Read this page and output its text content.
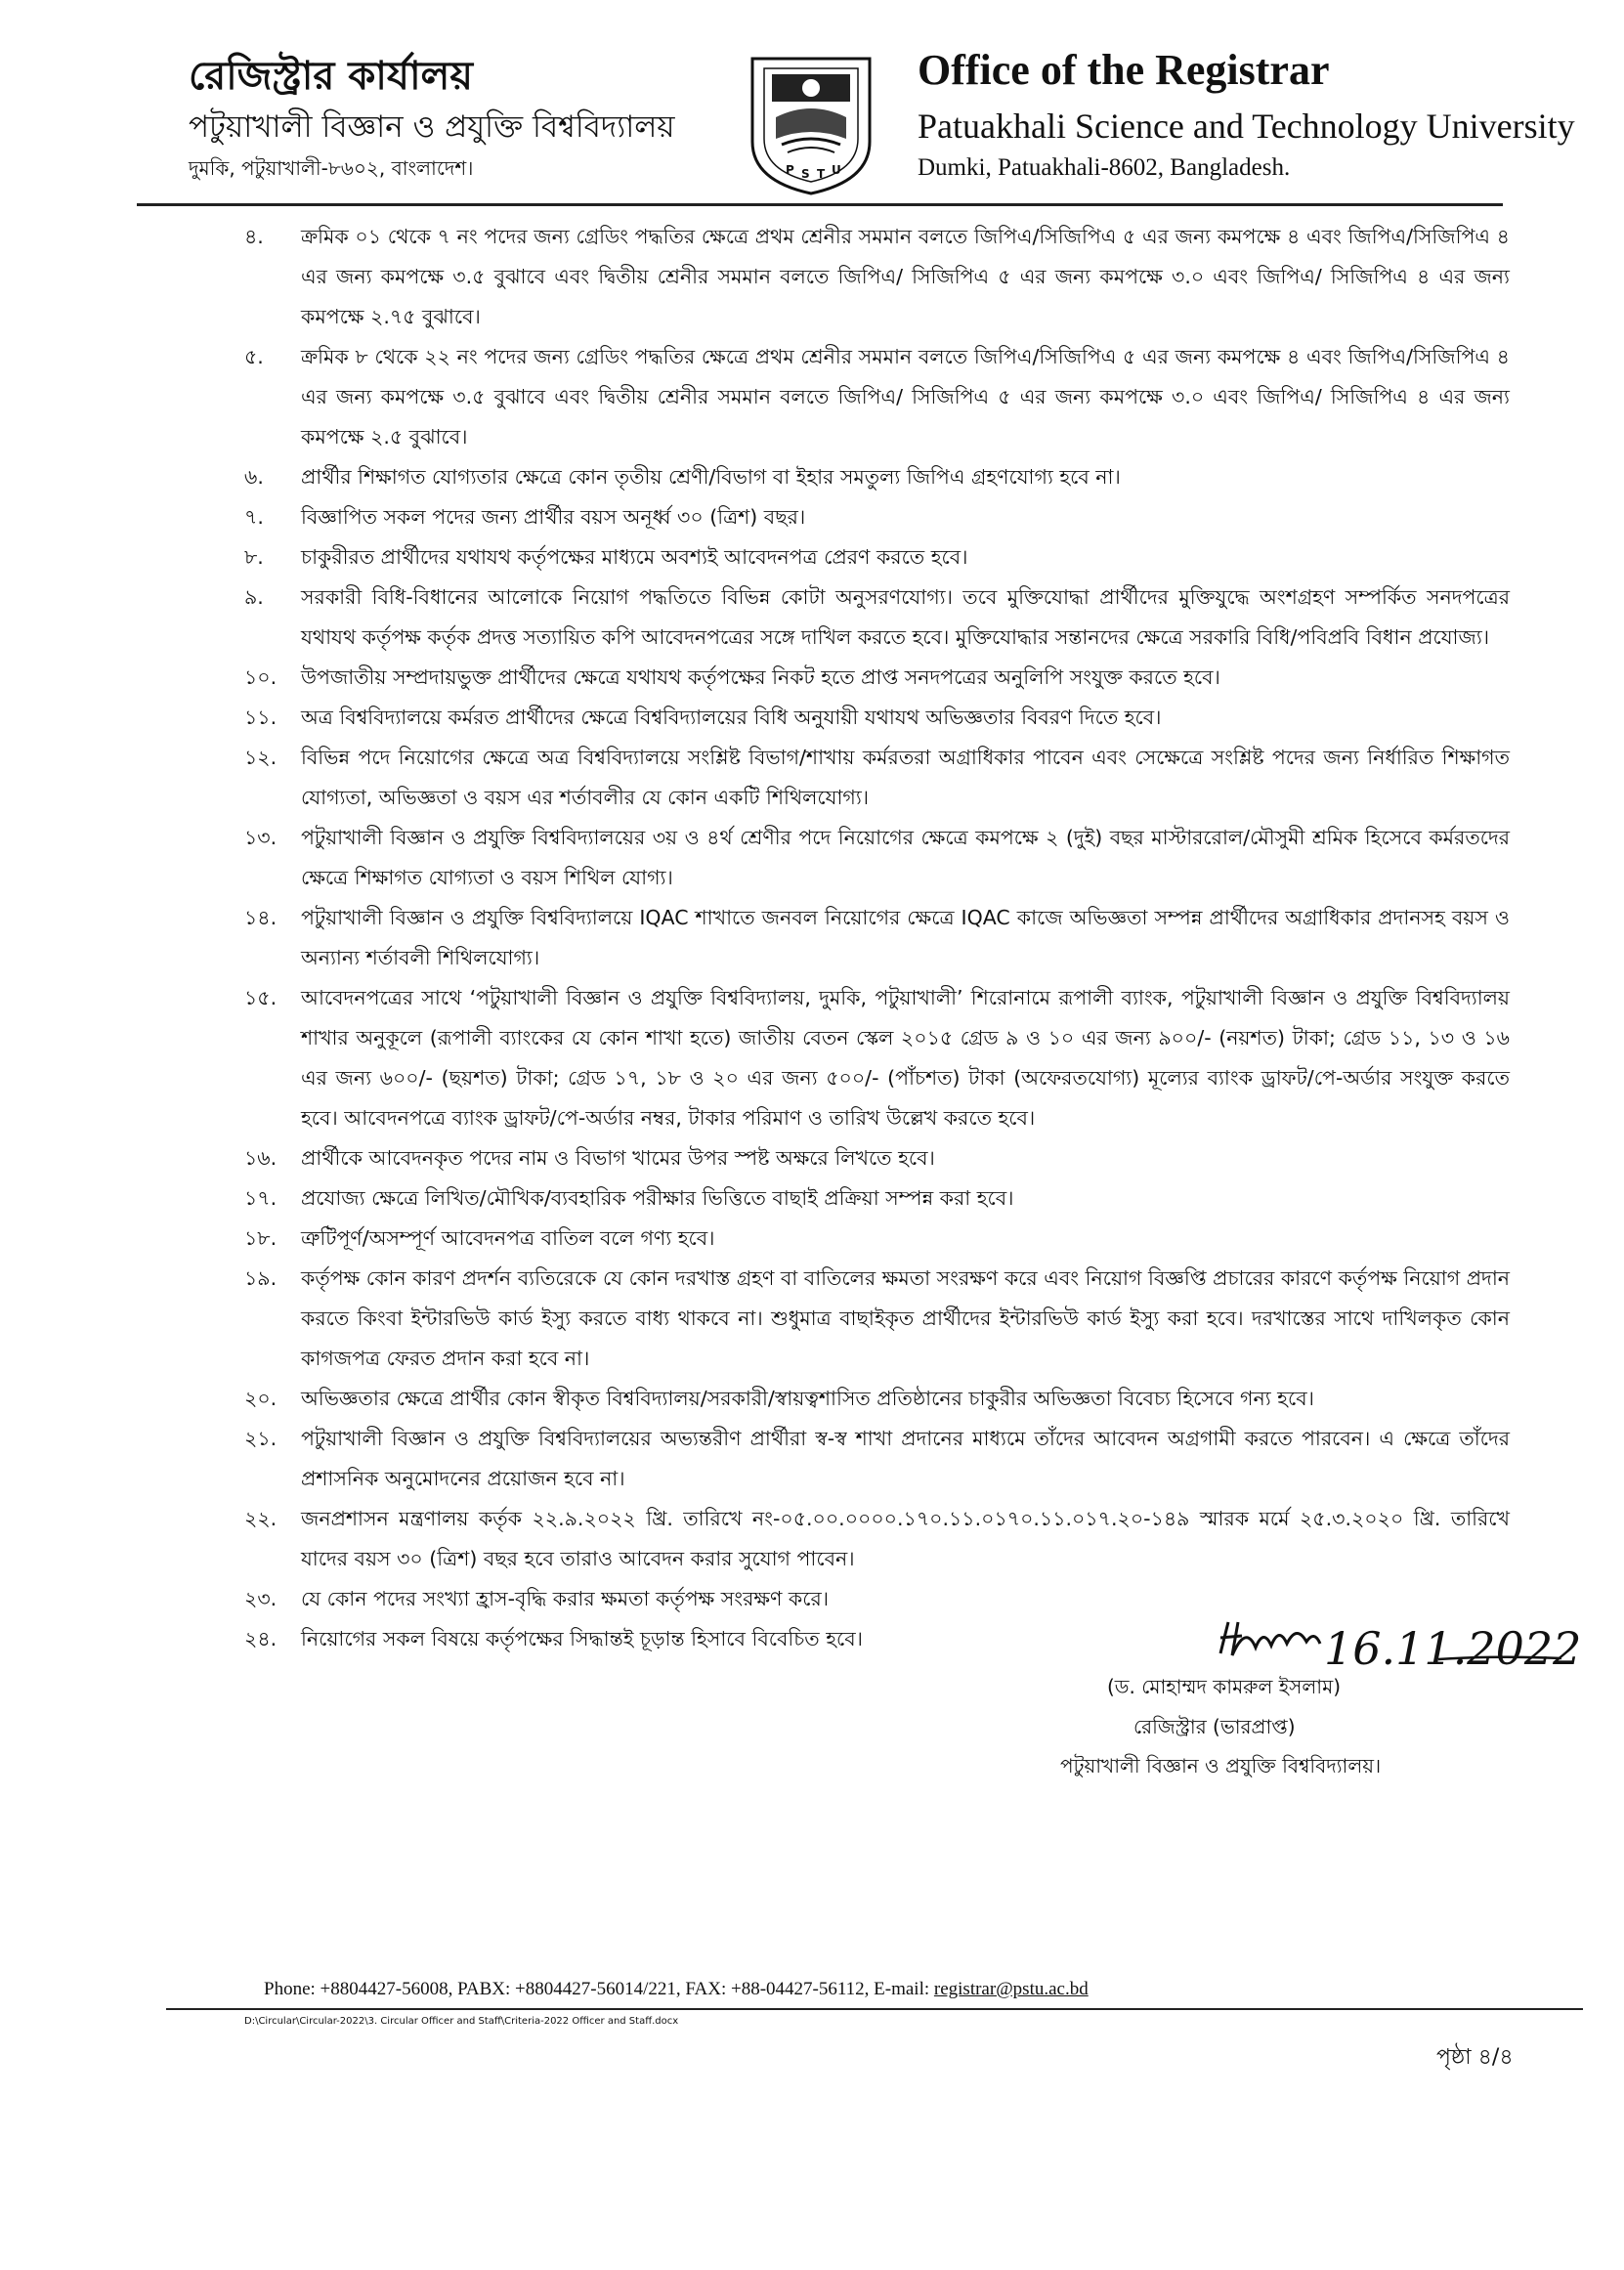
রেজিস্ট্রার কার্যালয়
পটুয়াখালী বিজ্ঞান ও প্রযুক্তি বিশ্ববিদ্যালয়
দুমকি, পটুয়াখালী-৮৬০২, বাংলাদেশ।	P S T U
Office of the Registrar
Patuakhali Science and Technology University
Dumki, Patuakhali-8602, Bangladesh.
৪.	ক্রমিক ০১ থেকে ৭ নং পদের জন্য গ্রেডিং পদ্ধতির ক্ষেত্রে প্রথম শ্রেনীর সমমান বলতে জিপিএ/সিজিপিএ ৫ এর জন্য কমপক্ষে ৪ এবং জিপিএ/সিজিপিএ ৪ এর জন্য কমপক্ষে ৩.৫ বুঝাবে এবং দ্বিতীয় শ্রেনীর সমমান বলতে জিপিএ/ সিজিপিএ ৫ এর জন্য কমপক্ষে ৩.০ এবং জিপিএ/ সিজিপিএ ৪ এর জন্য কমপক্ষে ২.৭৫ বুঝাবে।
৫.	ক্রমিক ৮ থেকে ২২ নং পদের জন্য গ্রেডিং পদ্ধতির ক্ষেত্রে প্রথম শ্রেনীর সমমান বলতে জিপিএ/সিজিপিএ ৫ এর জন্য কমপক্ষে ৪ এবং জিপিএ/সিজিপিএ ৪ এর জন্য কমপক্ষে ৩.৫ বুঝাবে এবং দ্বিতীয় শ্রেনীর সমমান বলতে জিপিএ/ সিজিপিএ ৫ এর জন্য কমপক্ষে ৩.০ এবং জিপিএ/ সিজিপিএ ৪ এর জন্য কমপক্ষে ২.৫ বুঝাবে।
৬.	প্রার্থীর শিক্ষাগত যোগ্যতার ক্ষেত্রে কোন তৃতীয় শ্রেণী/বিভাগ বা ইহার সমতুল্য জিপিএ গ্রহণযোগ্য হবে না।
৭.	বিজ্ঞাপিত সকল পদের জন্য প্রার্থীর বয়স অনূর্ধ্ব ৩০ (ত্রিশ) বছর।
৮.	চাকুরীরত প্রার্থীদের যথাযথ কর্তৃপক্ষের মাধ্যমে অবশ্যই আবেদনপত্র প্রেরণ করতে হবে।
৯.	সরকারী বিধি-বিধানের আলোকে নিয়োগ পদ্ধতিতে বিভিন্ন কোটা অনুসরণযোগ্য। তবে মুক্তিযোদ্ধা প্রার্থীদের মুক্তিযুদ্ধে অংশগ্রহণ সম্পর্কিত সনদপত্রের যথাযথ কর্তৃপক্ষ কর্তৃক প্রদত্ত সত্যায়িত কপি আবেদনপত্রের সঙ্গে দাখিল করতে হবে। মুক্তিযোদ্ধার সন্তানদের ক্ষেত্রে সরকারি বিধি/পবিপ্রবি বিধান প্রযোজ্য।
১০.	উপজাতীয় সম্প্রদায়ভুক্ত প্রার্থীদের ক্ষেত্রে যথাযথ কর্তৃপক্ষের নিকট হতে প্রাপ্ত সনদপত্রের অনুলিপি সংযুক্ত করতে হবে।
১১.	অত্র বিশ্ববিদ্যালয়ে কর্মরত প্রার্থীদের ক্ষেত্রে বিশ্ববিদ্যালয়ের বিধি অনুযায়ী যথাযথ অভিজ্ঞতার বিবরণ দিতে হবে।
১২.	বিভিন্ন পদে নিয়োগের ক্ষেত্রে অত্র বিশ্ববিদ্যালয়ে সংশ্লিষ্ট বিভাগ/শাখায় কর্মরতরা অগ্রাধিকার পাবেন এবং সেক্ষেত্রে সংশ্লিষ্ট পদের জন্য নির্ধারিত শিক্ষাগত যোগ্যতা, অভিজ্ঞতা ও বয়স এর শর্তাবলীর যে কোন একটি শিথিলযোগ্য।
১৩.	পটুয়াখালী বিজ্ঞান ও প্রযুক্তি বিশ্ববিদ্যালয়ের ৩য় ও ৪র্থ শ্রেণীর পদে নিয়োগের ক্ষেত্রে কমপক্ষে ২ (দুই) বছর মাস্টাররোল/মৌসুমী শ্রমিক হিসেবে কর্মরতদের ক্ষেত্রে শিক্ষাগত যোগ্যতা ও বয়স শিথিল যোগ্য।
১৪.	পটুয়াখালী বিজ্ঞান ও প্রযুক্তি বিশ্ববিদ্যালয়ে IQAC শাখাতে জনবল নিয়োগের ক্ষেত্রে IQAC কাজে অভিজ্ঞতা সম্পন্ন প্রার্থীদের অগ্রাধিকার প্রদানসহ বয়স ও অন্যান্য শর্তাবলী শিথিলযোগ্য।
১৫.	আবেদনপত্রের সাথে ‘পটুয়াখালী বিজ্ঞান ও প্রযুক্তি বিশ্ববিদ্যালয়, দুমকি, পটুয়াখালী’ শিরোনামে রূপালী ব্যাংক, পটুয়াখালী বিজ্ঞান ও প্রযুক্তি বিশ্ববিদ্যালয় শাখার অনুকূলে (রূপালী ব্যাংকের যে কোন শাখা হতে) জাতীয় বেতন স্কেল ২০১৫ গ্রেড ৯ ও ১০ এর জন্য ৯০০/- (নয়শত) টাকা; গ্রেড ১১, ১৩ ও ১৬ এর জন্য ৬০০/- (ছয়শত) টাকা; গ্রেড ১৭, ১৮ ও ২০ এর জন্য ৫০০/- (পাঁচশত) টাকা (অফেরতযোগ্য) মূল্যের ব্যাংক ড্রাফট/পে-অর্ডার সংযুক্ত করতে হবে। আবেদনপত্রে ব্যাংক ড্রাফট/পে-অর্ডার নম্বর, টাকার পরিমাণ ও তারিখ উল্লেখ করতে হবে।
১৬.	প্রার্থীকে আবেদনকৃত পদের নাম ও বিভাগ খামের উপর স্পষ্ট অক্ষরে লিখতে হবে।
১৭.	প্রযোজ্য ক্ষেত্রে লিখিত/মৌখিক/ব্যবহারিক পরীক্ষার ভিত্তিতে বাছাই প্রক্রিয়া সম্পন্ন করা হবে।
১৮.	ত্রুটিপূর্ণ/অসম্পূর্ণ আবেদনপত্র বাতিল বলে গণ্য হবে।
১৯.	কর্তৃপক্ষ কোন কারণ প্রদর্শন ব্যতিরেকে যে কোন দরখাস্ত গ্রহণ বা বাতিলের ক্ষমতা সংরক্ষণ করে এবং নিয়োগ বিজ্ঞপ্তি প্রচারের কারণে কর্তৃপক্ষ নিয়োগ প্রদান করতে কিংবা ইন্টারভিউ কার্ড ইস্যু করতে বাধ্য থাকবে না। শুধুমাত্র বাছাইকৃত প্রার্থীদের ইন্টারভিউ কার্ড ইস্যু করা হবে। দরখাস্তের সাথে দাখিলকৃত কোন কাগজপত্র ফেরত প্রদান করা হবে না।
২০.	অভিজ্ঞতার ক্ষেত্রে প্রার্থীর কোন স্বীকৃত বিশ্ববিদ্যালয়/সরকারী/স্বায়ত্বশাসিত প্রতিষ্ঠানের চাকুরীর অভিজ্ঞতা বিবেচ্য হিসেবে গন্য হবে।
২১.	পটুয়াখালী বিজ্ঞান ও প্রযুক্তি বিশ্ববিদ্যালয়ের অভ্যন্তরীণ প্রার্থীরা স্ব-স্ব শাখা প্রদানের মাধ্যমে তাঁদের আবেদন অগ্রগামী করতে পারবেন। এ ক্ষেত্রে তাঁদের প্রশাসনিক অনুমোদনের প্রয়োজন হবে না।
২২.	জনপ্রশাসন মন্ত্রণালয় কর্তৃক ২২.৯.২০২২ খ্রি. তারিখে নং-০৫.০০.০০০০.১৭০.১১.০১৭০.১১.০১৭.২০-১৪৯ স্মারক মর্মে ২৫.৩.২০২০ খ্রি. তারিখে যাদের বয়স ৩০ (ত্রিশ) বছর হবে তারাও আবেদন করার সুযোগ পাবেন।
২৩.	যে কোন পদের সংখ্যা হ্রাস-বৃদ্ধি করার ক্ষমতা কর্তৃপক্ষ সংরক্ষণ করে।
২৪.	নিয়োগের সকল বিষয়ে কর্তৃপক্ষের সিদ্ধান্তই চূড়ান্ত হিসাবে বিবেচিত হবে।	16.11.2022
(ড. মোহাম্মদ কামরুল ইসলাম)
রেজিস্ট্রার (ভারপ্রাপ্ত)
পটুয়াখালী বিজ্ঞান ও প্রযুক্তি বিশ্ববিদ্যালয়।
Phone: +8804427-56008, PABX: +8804427-56014/221, FAX: +88-04427-56112, E-mail: registrar@pstu.ac.bd
D:\Circular\Circular-2022\3. Circular Officer and Staff\Criteria-2022 Officer and Staff.docx
পৃষ্ঠা ৪/৪
